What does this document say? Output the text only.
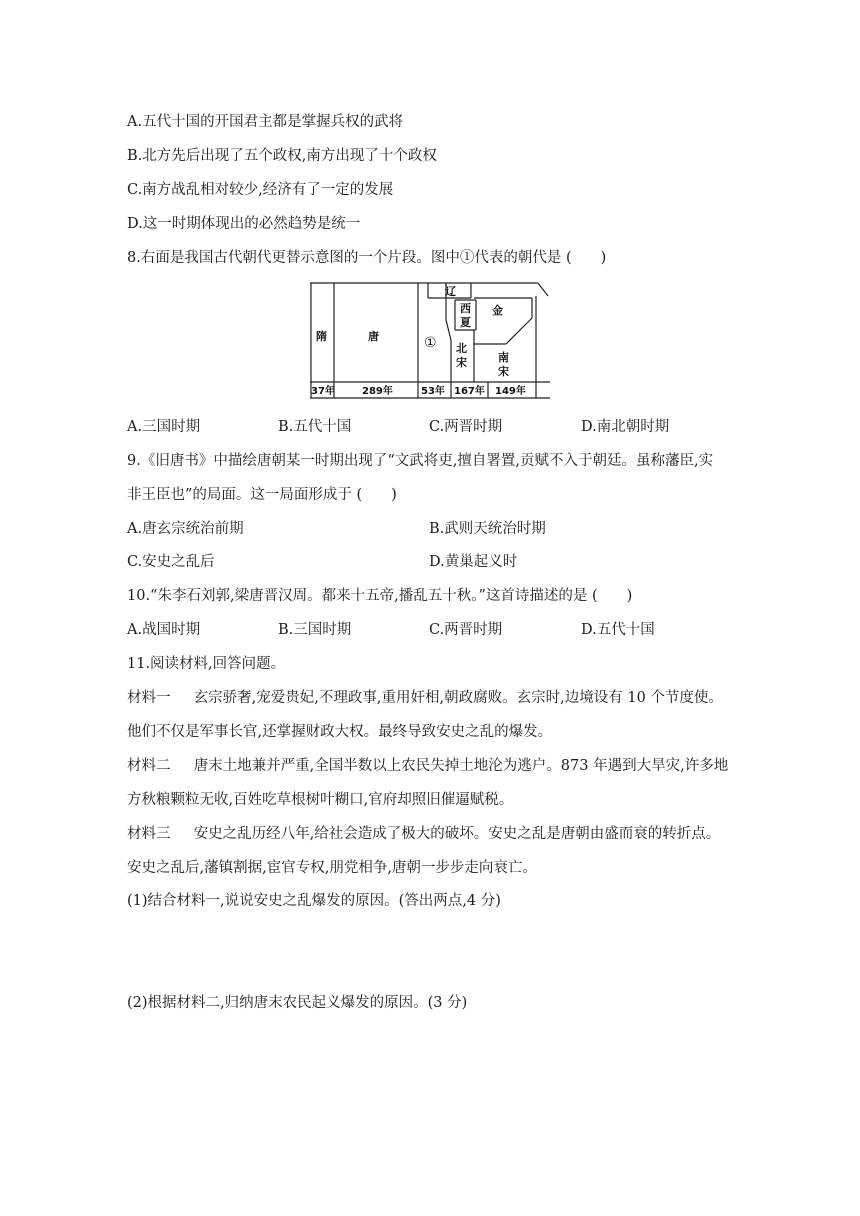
A.五代十国的开国君主都是掌握兵权的武将
B.北方先后出现了五个政权,南方出现了十个政权
C.南方战乱相对较少,经济有了一定的发展
D.这一时期体现出的必然趋势是统一
8.右面是我国古代朝代更替示意图的一个片段。图中①代表的朝代是 (　　)
隋	唐	①
辽
西
夏
金
北
宋	南
宋
37年	289年	53年 167年 149年
A.三国时期	B.五代十国	C.两晋时期	D.南北朝时期
9.《旧唐书》中描绘唐朝某一时期出现了“文武将吏,擅自署置,贡赋不入于朝廷。虽称藩臣,实
非王臣也”的局面。这一局面形成于 (　　)
A.唐玄宗统治前期	B.武则天统治时期
C.安史之乱后	D.黄巢起义时
10.“朱李石刘郭,梁唐晋汉周。都来十五帝,播乱五十秋。”这首诗描述的是 (　　)
A.战国时期	B.三国时期	C.两晋时期	D.五代十国
11.阅读材料,回答问题。
材料一 玄宗骄奢,宠爱贵妃,不理政事,重用奸相,朝政腐败。玄宗时,边境设有 10 个节度使。
他们不仅是军事长官,还掌握财政大权。最终导致安史之乱的爆发。
材料二 唐末土地兼并严重,全国半数以上农民失掉土地沦为逃户。873 年遇到大旱灾,许多地
方秋粮颗粒无收,百姓吃草根树叶糊口,官府却照旧催逼赋税。
材料三 安史之乱历经八年,给社会造成了极大的破坏。安史之乱是唐朝由盛而衰的转折点。
安史之乱后,藩镇割据,宦官专权,朋党相争,唐朝一步步走向衰亡。
(1)结合材料一,说说安史之乱爆发的原因。(答出两点,4 分)
(2)根据材料二,归纳唐末农民起义爆发的原因。(3 分)
